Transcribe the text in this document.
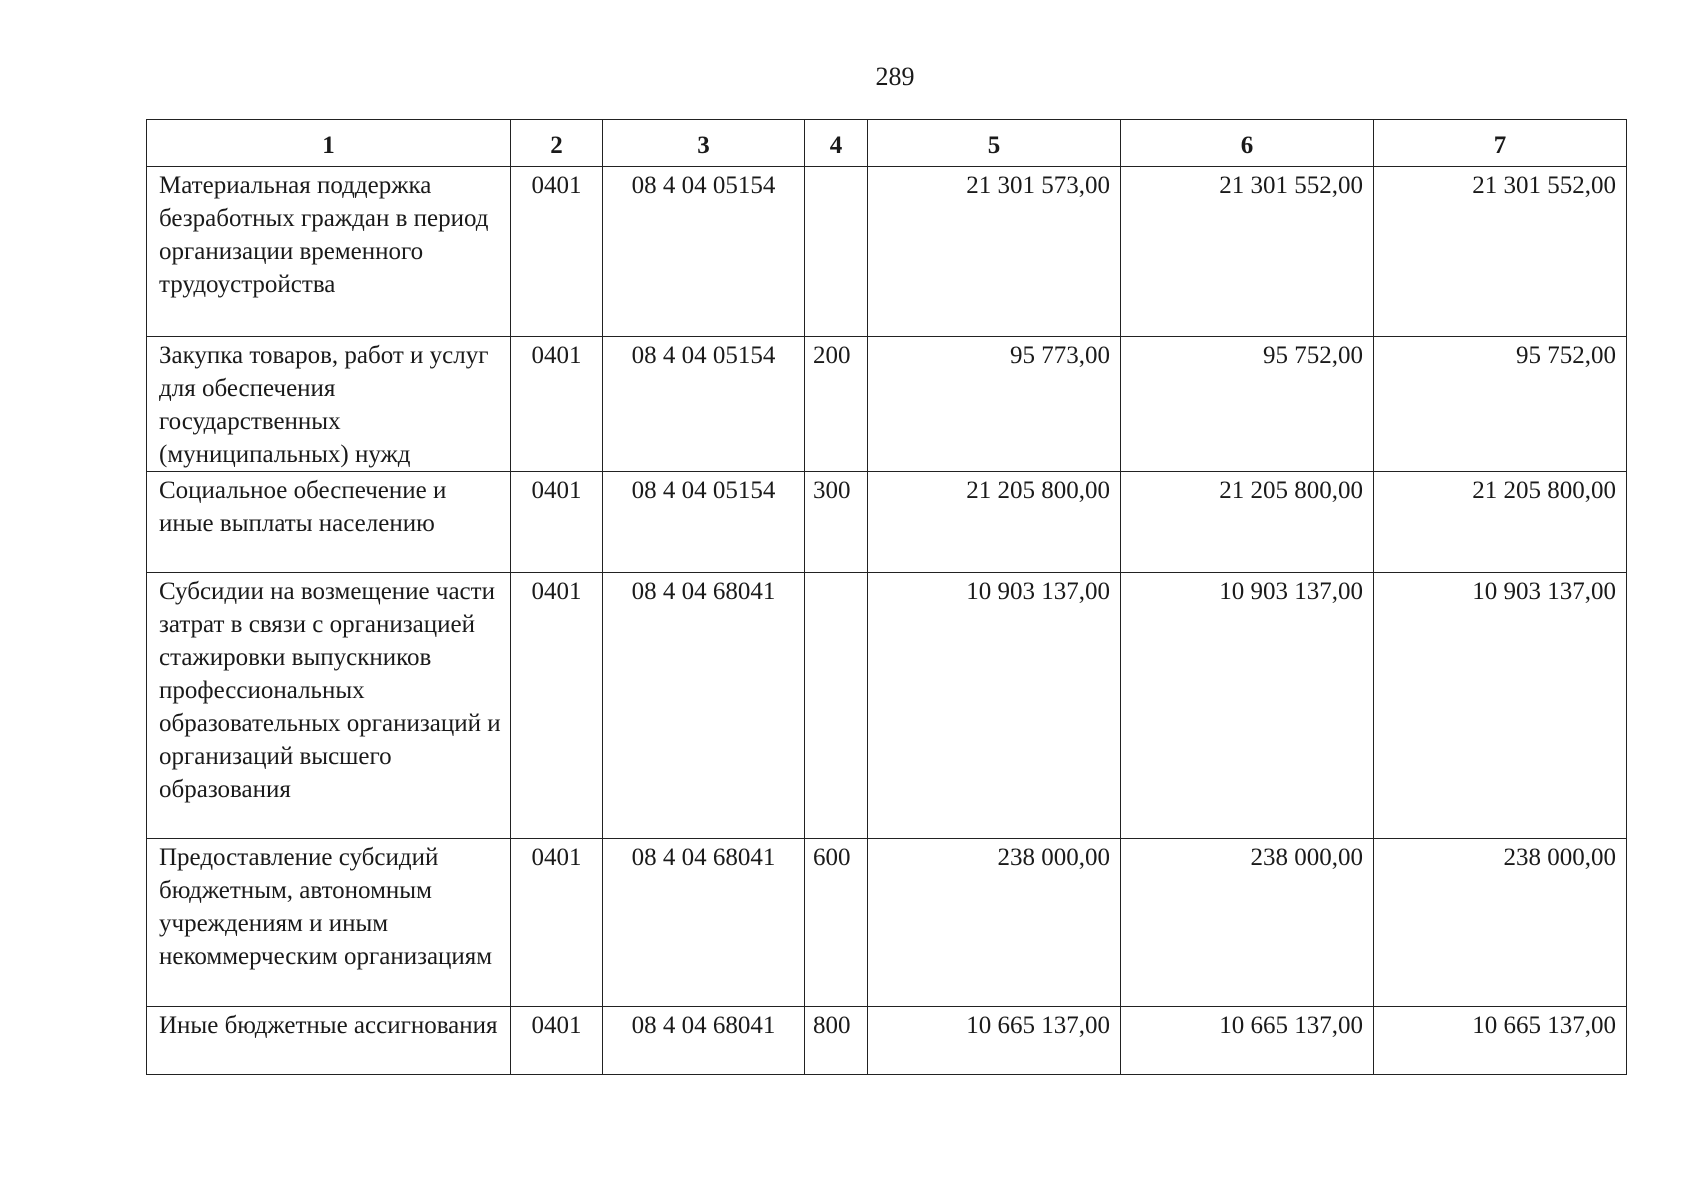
289
1	2	3	4	5	6	7
Материальная поддержка безработных граждан в период организации временного трудоустройства	0401	08 4 04 05154		21 301 573,00	21 301 552,00	21 301 552,00
Закупка товаров, работ и услуг для обеспечения государственных (муниципальных) нужд	0401	08 4 04 05154	200	95 773,00	95 752,00	95 752,00
Социальное обеспечение и иные выплаты населению	0401	08 4 04 05154	300	21 205 800,00	21 205 800,00	21 205 800,00
Субсидии на возмещение части затрат в связи с организацией стажировки выпускников профессиональных образовательных организаций и организаций высшего образования	0401	08 4 04 68041		10 903 137,00	10 903 137,00	10 903 137,00
Предоставление субсидий бюджетным, автономным учреждениям и иным некоммерческим организациям	0401	08 4 04 68041	600	238 000,00	238 000,00	238 000,00
Иные бюджетные ассигнования	0401	08 4 04 68041	800	10 665 137,00	10 665 137,00	10 665 137,00
